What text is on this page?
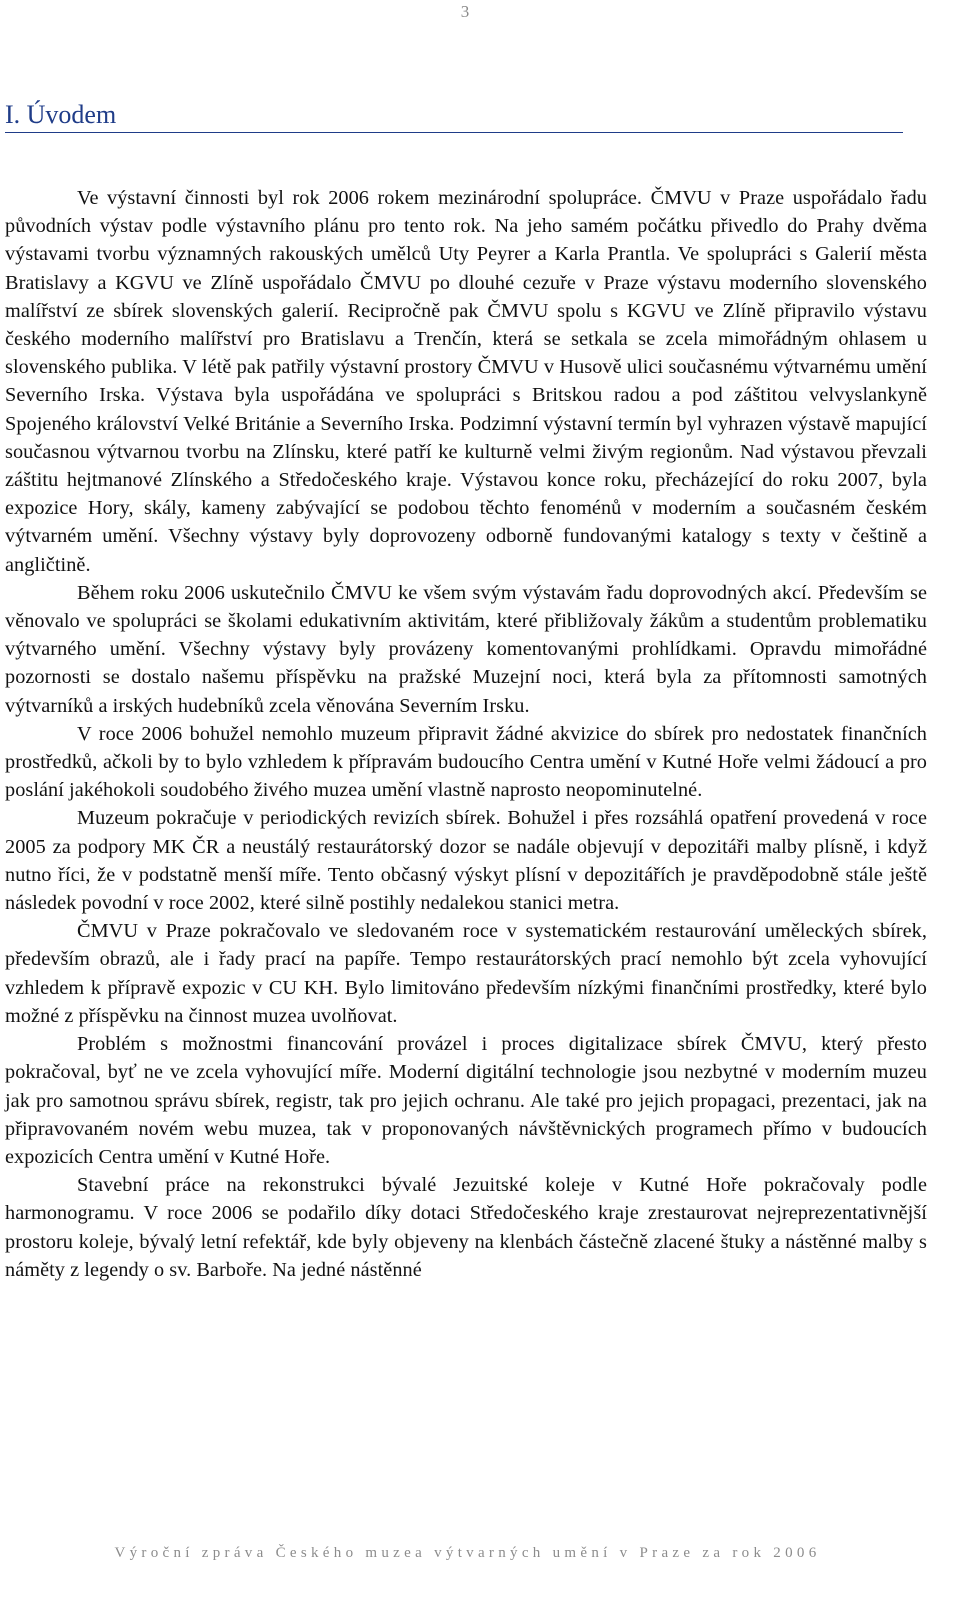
3
I. Úvodem

Ve výstavní činnosti byl rok 2006 rokem mezinárodní spolupráce. ČMVU v Praze uspořádalo řadu původních výstav podle výstavního plánu pro tento rok. Na jeho samém počátku přivedlo do Prahy dvěma výstavami tvorbu významných rakouských umělců Uty Peyrer a Karla Prantla. Ve spolupráci s Galerií města Bratislavy a KGVU ve Zlíně uspořádalo ČMVU po dlouhé cezuře v Praze výstavu moderního slovenského malířství ze sbírek slovenských galerií. Recipročně pak ČMVU spolu s KGVU ve Zlíně připravilo výstavu českého moderního malířství pro Bratislavu a Trenčín, která se setkala se zcela mimořádným ohlasem u slovenského publika. V létě pak patřily výstavní prostory ČMVU v Husově ulici současnému výtvarnému umění Severního Irska. Výstava byla uspořádána ve spolupráci s Britskou radou a pod záštitou velvyslankyně Spojeného království Velké Británie a Severního Irska. Podzimní výstavní termín byl vyhrazen výstavě mapující současnou výtvarnou tvorbu na Zlínsku, které patří ke kulturně velmi živým regionům. Nad výstavou převzali záštitu hejtmanové Zlínského a Středočeského kraje. Výstavou konce roku, přecházející do roku 2007, byla expozice Hory, skály, kameny zabývající se podobou těchto fenoménů v moderním a současném českém výtvarném umění. Všechny výstavy byly doprovozeny odborně fundovanými katalogy s texty v češtině a angličtině.

Během roku 2006 uskutečnilo ČMVU ke všem svým výstavám řadu doprovodných akcí. Především se věnovalo ve spolupráci se školami edukativním aktivitám, které přibližovaly žákům a studentům problematiku výtvarného umění. Všechny výstavy byly provázeny komentovanými prohlídkami. Opravdu mimořádné pozornosti se dostalo našemu příspěvku na pražské Muzejní noci, která byla za přítomnosti samotných výtvarníků a irských hudebníků zcela věnována Severním Irsku.

V roce 2006 bohužel nemohlo muzeum připravit žádné akvizice do sbírek pro nedostatek finančních prostředků, ačkoli by to bylo vzhledem k přípravám budoucího Centra umění v Kutné Hoře velmi žádoucí a pro poslání jakéhokoli soudobého živého muzea umění vlastně naprosto neopominutelné.

Muzeum pokračuje v periodických revizích sbírek. Bohužel i přes rozsáhlá opatření provedená v roce 2005 za podpory MK ČR a neustálý restaurátorský dozor se nadále objevují v depozitáři malby plísně, i když nutno říci, že v podstatně menší míře. Tento občasný výskyt plísní v depozitářích je pravděpodobně stále ještě následek povodní v roce 2002, které silně postihly nedalekou stanici metra.

ČMVU v Praze pokračovalo ve sledovaném roce v systematickém restaurování uměleckých sbírek, především obrazů, ale i řady prací na papíře. Tempo restaurátorských prací nemohlo být zcela vyhovující vzhledem k přípravě expozic v CU KH. Bylo limitováno především nízkými finančními prostředky, které bylo možné z příspěvku na činnost muzea uvolňovat.

Problém s možnostmi financování provázel i proces digitalizace sbírek ČMVU, který přesto pokračoval, byť ne ve zcela vyhovující míře. Moderní digitální technologie jsou nezbytné v moderním muzeu jak pro samotnou správu sbírek, registr, tak pro jejich ochranu. Ale také pro jejich propagaci, prezentaci, jak na připravovaném novém webu muzea, tak v proponovaných návštěvnických programech přímo v budoucích expozicích Centra umění v Kutné Hoře.

Stavební práce na rekonstrukci bývalé Jezuitské koleje v Kutné Hoře pokračovaly podle harmonogramu. V roce 2006 se podařilo díky dotaci Středočeského kraje zrestaurovat nejreprezentativnější prostoru koleje, bývalý letní refektář, kde byly objeveny na klenbách částečně zlacené štuky a nástěnné malby s náměty z legendy o sv. Barboře. Na jedné nástěnné

Výroční zpráva Českého muzea výtvarných umění v Praze za rok 2006
